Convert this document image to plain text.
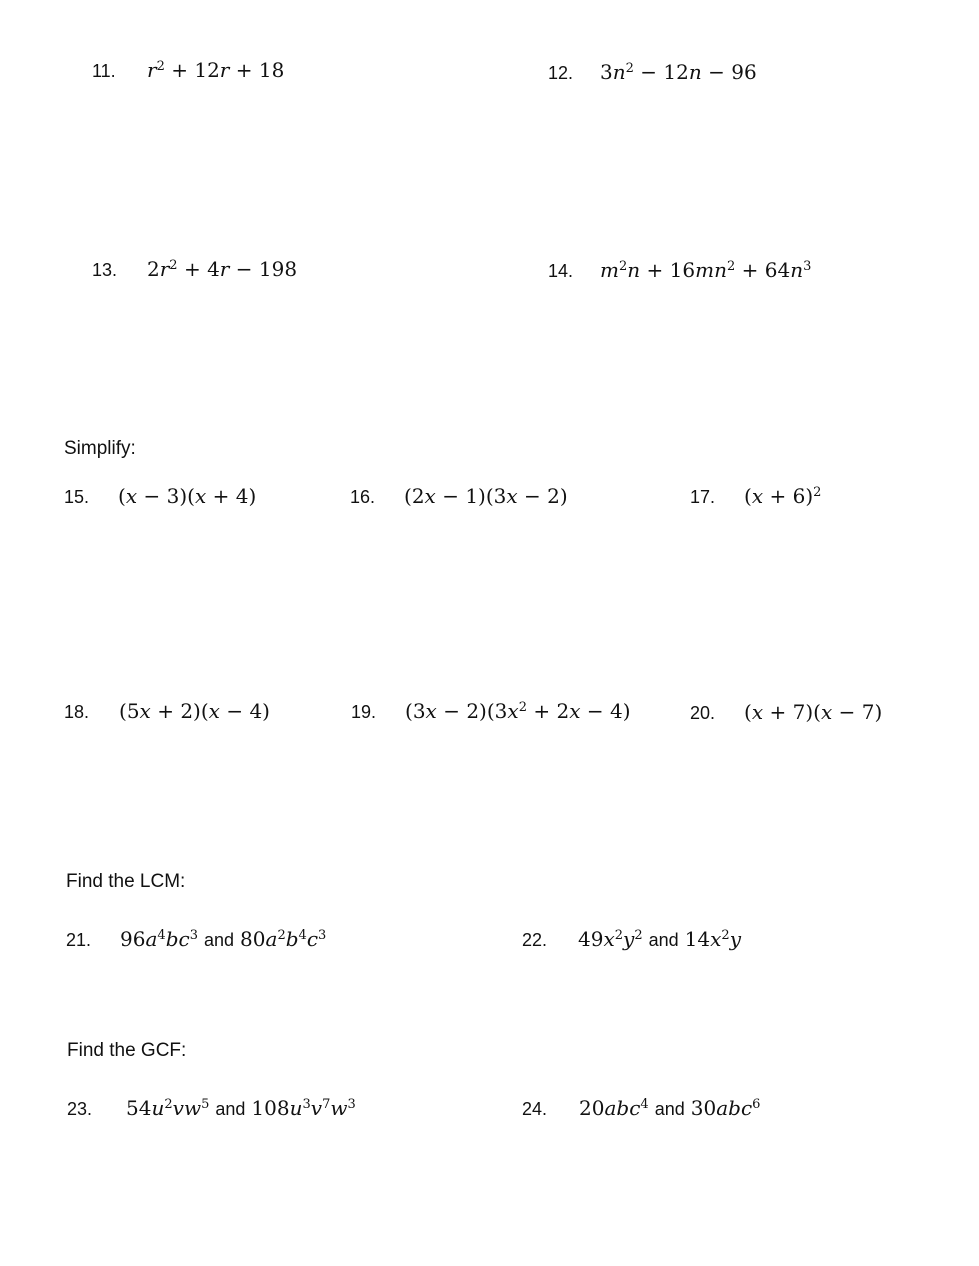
11.	$r^2 + 12r + 18$	12.	$3n^2 - 12n - 96$
13.	$2r^2 + 4r - 198$	14.	$m^2n + 16mn^2 + 64n^3$
Simplify:
15.	(x − 3)(x + 4)	16.	(2x − 1)(3x − 2)	17.	$(x + 6)^2$
18.	(5x + 2)(x − 4)	19.	$(3x - 2)(3x^2 + 2x - 4)$	20.	(x + 7)(x − 7)
Find the LCM:
21.	$96a^4bc^3$ and $80a^2b^4c^3$	22.	$49x^2y^2$ and $14x^2y$
Find the GCF:
23.	$54u^2vw^5$ and $108u^3v^7w^3$	24.	20abc$^4$ and 30abc$^6$
